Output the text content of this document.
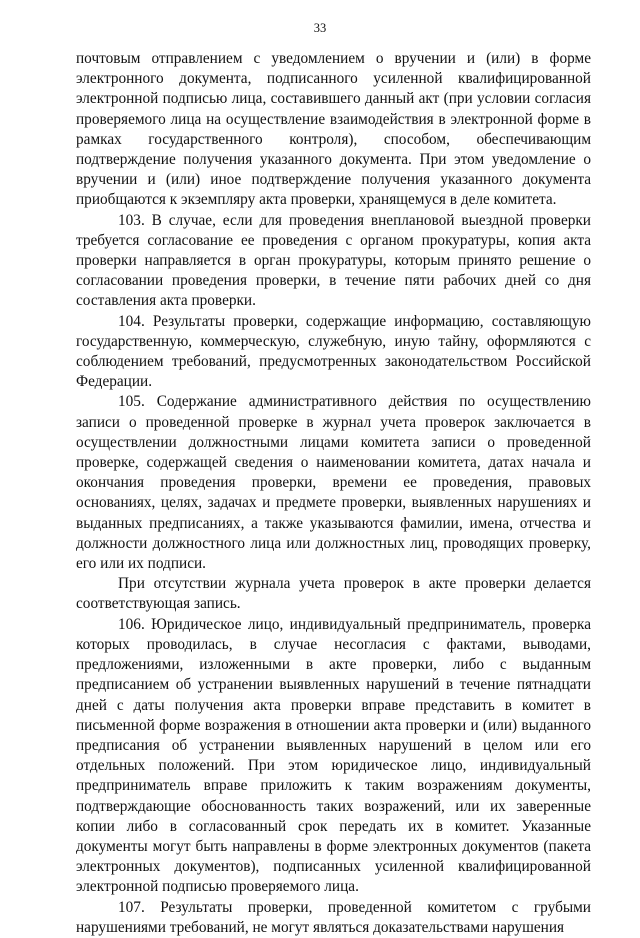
33

почтовым отправлением с уведомлением о вручении и (или) в форме электронного документа, подписанного усиленной квалифицированной электронной подписью лица, составившего данный акт (при условии согласия проверяемого лица на осуществление взаимодействия в электронной форме в рамках государственного контроля), способом, обеспечивающим подтверждение получения указанного документа. При этом уведомление о вручении и (или) иное подтверждение получения указанного документа приобщаются к экземпляру акта проверки, хранящемуся в деле комитета.

103. В случае, если для проведения внеплановой выездной проверки требуется согласование ее проведения с органом прокуратуры, копия акта проверки направляется в орган прокуратуры, которым принято решение о согласовании проведения проверки, в течение пяти рабочих дней со дня составления акта проверки.

104. Результаты проверки, содержащие информацию, составляющую государственную, коммерческую, служебную, иную тайну, оформляются с соблюдением требований, предусмотренных законодательством Российской Федерации.

105. Содержание административного действия по осуществлению записи о проведенной проверке в журнал учета проверок заключается в осуществлении должностными лицами комитета записи о проведенной проверке, содержащей сведения о наименовании комитета, датах начала и окончания проведения проверки, времени ее проведения, правовых основаниях, целях, задачах и предмете проверки, выявленных нарушениях и выданных предписаниях, а также указываются фамилии, имена, отчества и должности должностного лица или должностных лиц, проводящих проверку, его или их подписи.

При отсутствии журнала учета проверок в акте проверки делается соответствующая запись.

106. Юридическое лицо, индивидуальный предприниматель, проверка которых проводилась, в случае несогласия с фактами, выводами, предложениями, изложенными в акте проверки, либо с выданным предписанием об устранении выявленных нарушений в течение пятнадцати дней с даты получения акта проверки вправе представить в комитет в письменной форме возражения в отношении акта проверки и (или) выданного предписания об устранении выявленных нарушений в целом или его отдельных положений. При этом юридическое лицо, индивидуальный предприниматель вправе приложить к таким возражениям документы, подтверждающие обоснованность таких возражений, или их заверенные копии либо в согласованный срок передать их в комитет. Указанные документы могут быть направлены в форме электронных документов (пакета электронных документов), подписанных усиленной квалифицированной электронной подписью проверяемого лица.

107. Результаты проверки, проведенной комитетом с грубыми нарушениями требований, не могут являться доказательствами нарушения
